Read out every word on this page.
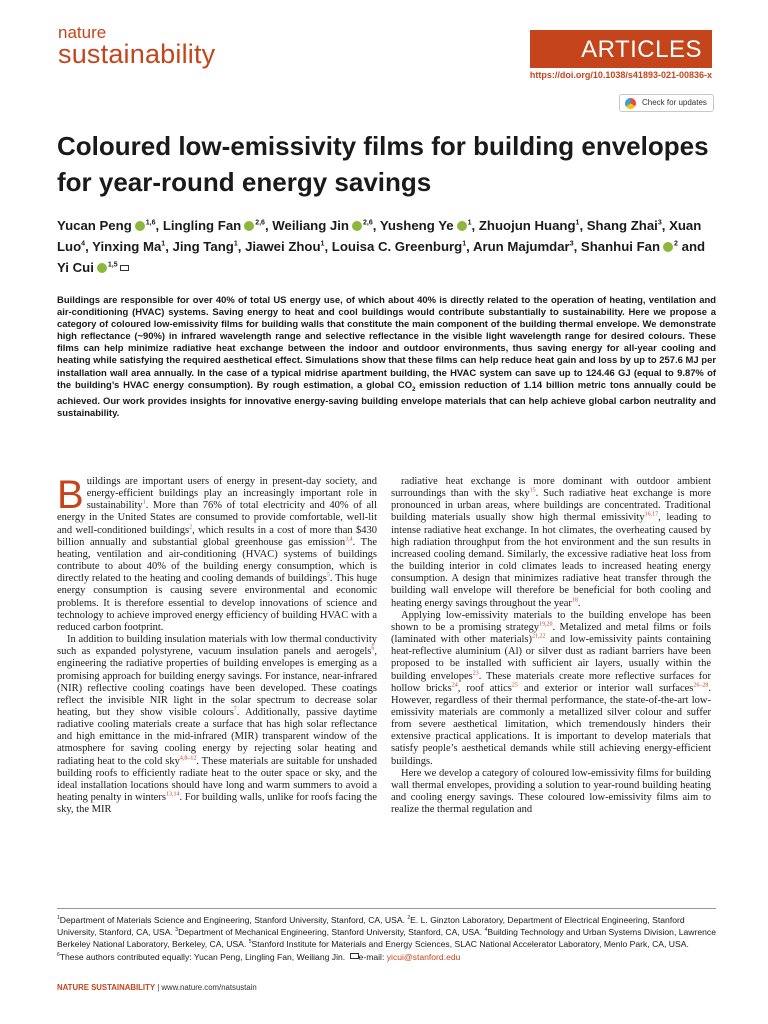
nature
sustainability	ARTICLES
https://doi.org/10.1038/s41893-021-00836-x
Check for updates
Coloured low-emissivity films for building envelopes for year-round energy savings
Yucan Peng $^{1,6}$, Lingling Fan $^{2,6}$, Weiliang Jin $^{2,6}$, Yusheng Ye $^1$, Zhuojun Huang$^1$, Shang Zhai$^3$, Xuan Luo$^4$, Yinxing Ma$^1$, Jing Tang$^1$, Jiawei Zhou$^1$, Louisa C. Greenburg$^1$, Arun Majumdar$^3$, Shanhui Fan $^2$ and Yi Cui $^{1,5}$
Buildings are responsible for over 40% of total US energy use, of which about 40% is directly related to the operation of heating, ventilation and air-conditioning (HVAC) systems. Saving energy to heat and cool buildings would contribute substantially to sustainability. Here we propose a category of coloured low-emissivity films for building walls that constitute the main component of the building thermal envelope. We demonstrate high reflectance (~90%) in infrared wavelength range and selective reflectance in the visible light wavelength range for desired colours. These films can help minimize radiative heat exchange between the indoor and outdoor environments, thus saving energy for all-year cooling and heating while satisfying the required aesthetical effect. Simulations show that these films can help reduce heat gain and loss by up to 257.6 MJ per installation wall area annually. In the case of a typical midrise apartment building, the HVAC system can save up to 124.46 GJ (equal to 9.87% of the building’s HVAC energy consumption). By rough estimation, a global $CO_2$ emission reduction of 1.14 billion metric tons annually could be achieved. Our work provides insights for innovative energy-saving building envelope materials that can help achieve global carbon neutrality and sustainability.

Buildings are important users of energy in present-day society, and energy-efficient buildings play an increasingly important role in sustainability$^1$. More than 76% of total electricity and 40% of all energy in the United States are consumed to provide comfortable, well-lit and well-conditioned buildings$^2$, which results in a cost of more than $430 billion annually and substantial global greenhouse gas emission$^{3,4}$. The heating, ventilation and air-conditioning (HVAC) systems of buildings contribute to about 40% of the building energy consumption, which is directly related to the heating and cooling demands of buildings$^5$. This huge energy consumption is causing severe environmental and economic problems. It is therefore essential to develop innovations of science and technology to achieve improved energy efficiency of building HVAC with a reduced carbon footprint.

In addition to building insulation materials with low thermal conductivity such as expanded polystyrene, vacuum insulation panels and aerogels$^6$, engineering the radiative properties of building envelopes is emerging as a promising approach for building energy savings. For instance, near-infrared (NIR) reflective cooling coatings have been developed. These coatings reflect the invisible NIR light in the solar spectrum to decrease solar heating, but they show visible colours$^7$. Additionally, passive daytime radiative cooling materials create a surface that has high solar reflectance and high emittance in the mid-infrared (MIR) transparent window of the atmosphere for saving cooling energy by rejecting solar heating and radiating heat to the cold sky$^{4,8-12}$. These materials are suitable for unshaded building roofs to efficiently radiate heat to the outer space or sky, and the ideal installation locations should have long and warm summers to avoid a heating penalty in winters$^{13,14}$. For building walls, unlike for roofs facing the sky, the MIR

radiative heat exchange is more dominant with outdoor ambient surroundings than with the sky$^{15}$. Such radiative heat exchange is more pronounced in urban areas, where buildings are concentrated. Traditional building materials usually show high thermal emissivity$^{16,17}$, leading to intense radiative heat exchange. In hot climates, the overheating caused by high radiation throughput from the hot environment and the sun results in increased cooling demand. Similarly, the excessive radiative heat loss from the building interior in cold climates leads to increased heating energy consumption. A design that minimizes radiative heat transfer through the building wall envelope will therefore be beneficial for both cooling and heating energy savings throughout the year$^{18}$.

Applying low-emissivity materials to the building envelope has been shown to be a promising strategy$^{19,20}$. Metalized and metal films or foils (laminated with other materials)$^{21,22}$ and low-emissivity paints containing heat-reflective aluminium (Al) or silver dust as radiant barriers have been proposed to be installed with sufficient air layers, usually within the building envelopes$^{23}$. These materials create more reflective surfaces for hollow bricks$^{24}$, roof attics$^{25}$ and exterior or interior wall surfaces$^{26-28}$. However, regardless of their thermal performance, the state-of-the-art low-emissivity materials are commonly a metallized silver colour and suffer from severe aesthetical limitation, which tremendously hinders their extensive practical applications. It is important to develop materials that satisfy people’s aesthetical demands while still achieving energy-efficient buildings.

Here we develop a category of coloured low-emissivity films for building wall thermal envelopes, providing a solution to year-round building heating and cooling energy savings. These coloured low-emissivity films aim to realize the thermal regulation and

$^1$Department of Materials Science and Engineering, Stanford University, Stanford, CA, USA. $^2$E. L. Ginzton Laboratory, Department of Electrical Engineering, Stanford University, Stanford, CA, USA. $^3$Department of Mechanical Engineering, Stanford University, Stanford, CA, USA. $^4$Building Technology and Urban Systems Division, Lawrence Berkeley National Laboratory, Berkeley, CA, USA. $^5$Stanford Institute for Materials and Energy Sciences, SLAC National Accelerator Laboratory, Menlo Park, CA, USA. $^6$These authors contributed equally: Yucan Peng, Lingling Fan, Weiliang Jin. e-mail: yicui@stanford.edu
NATURE SUSTAINABILITY | www.nature.com/natsustain
